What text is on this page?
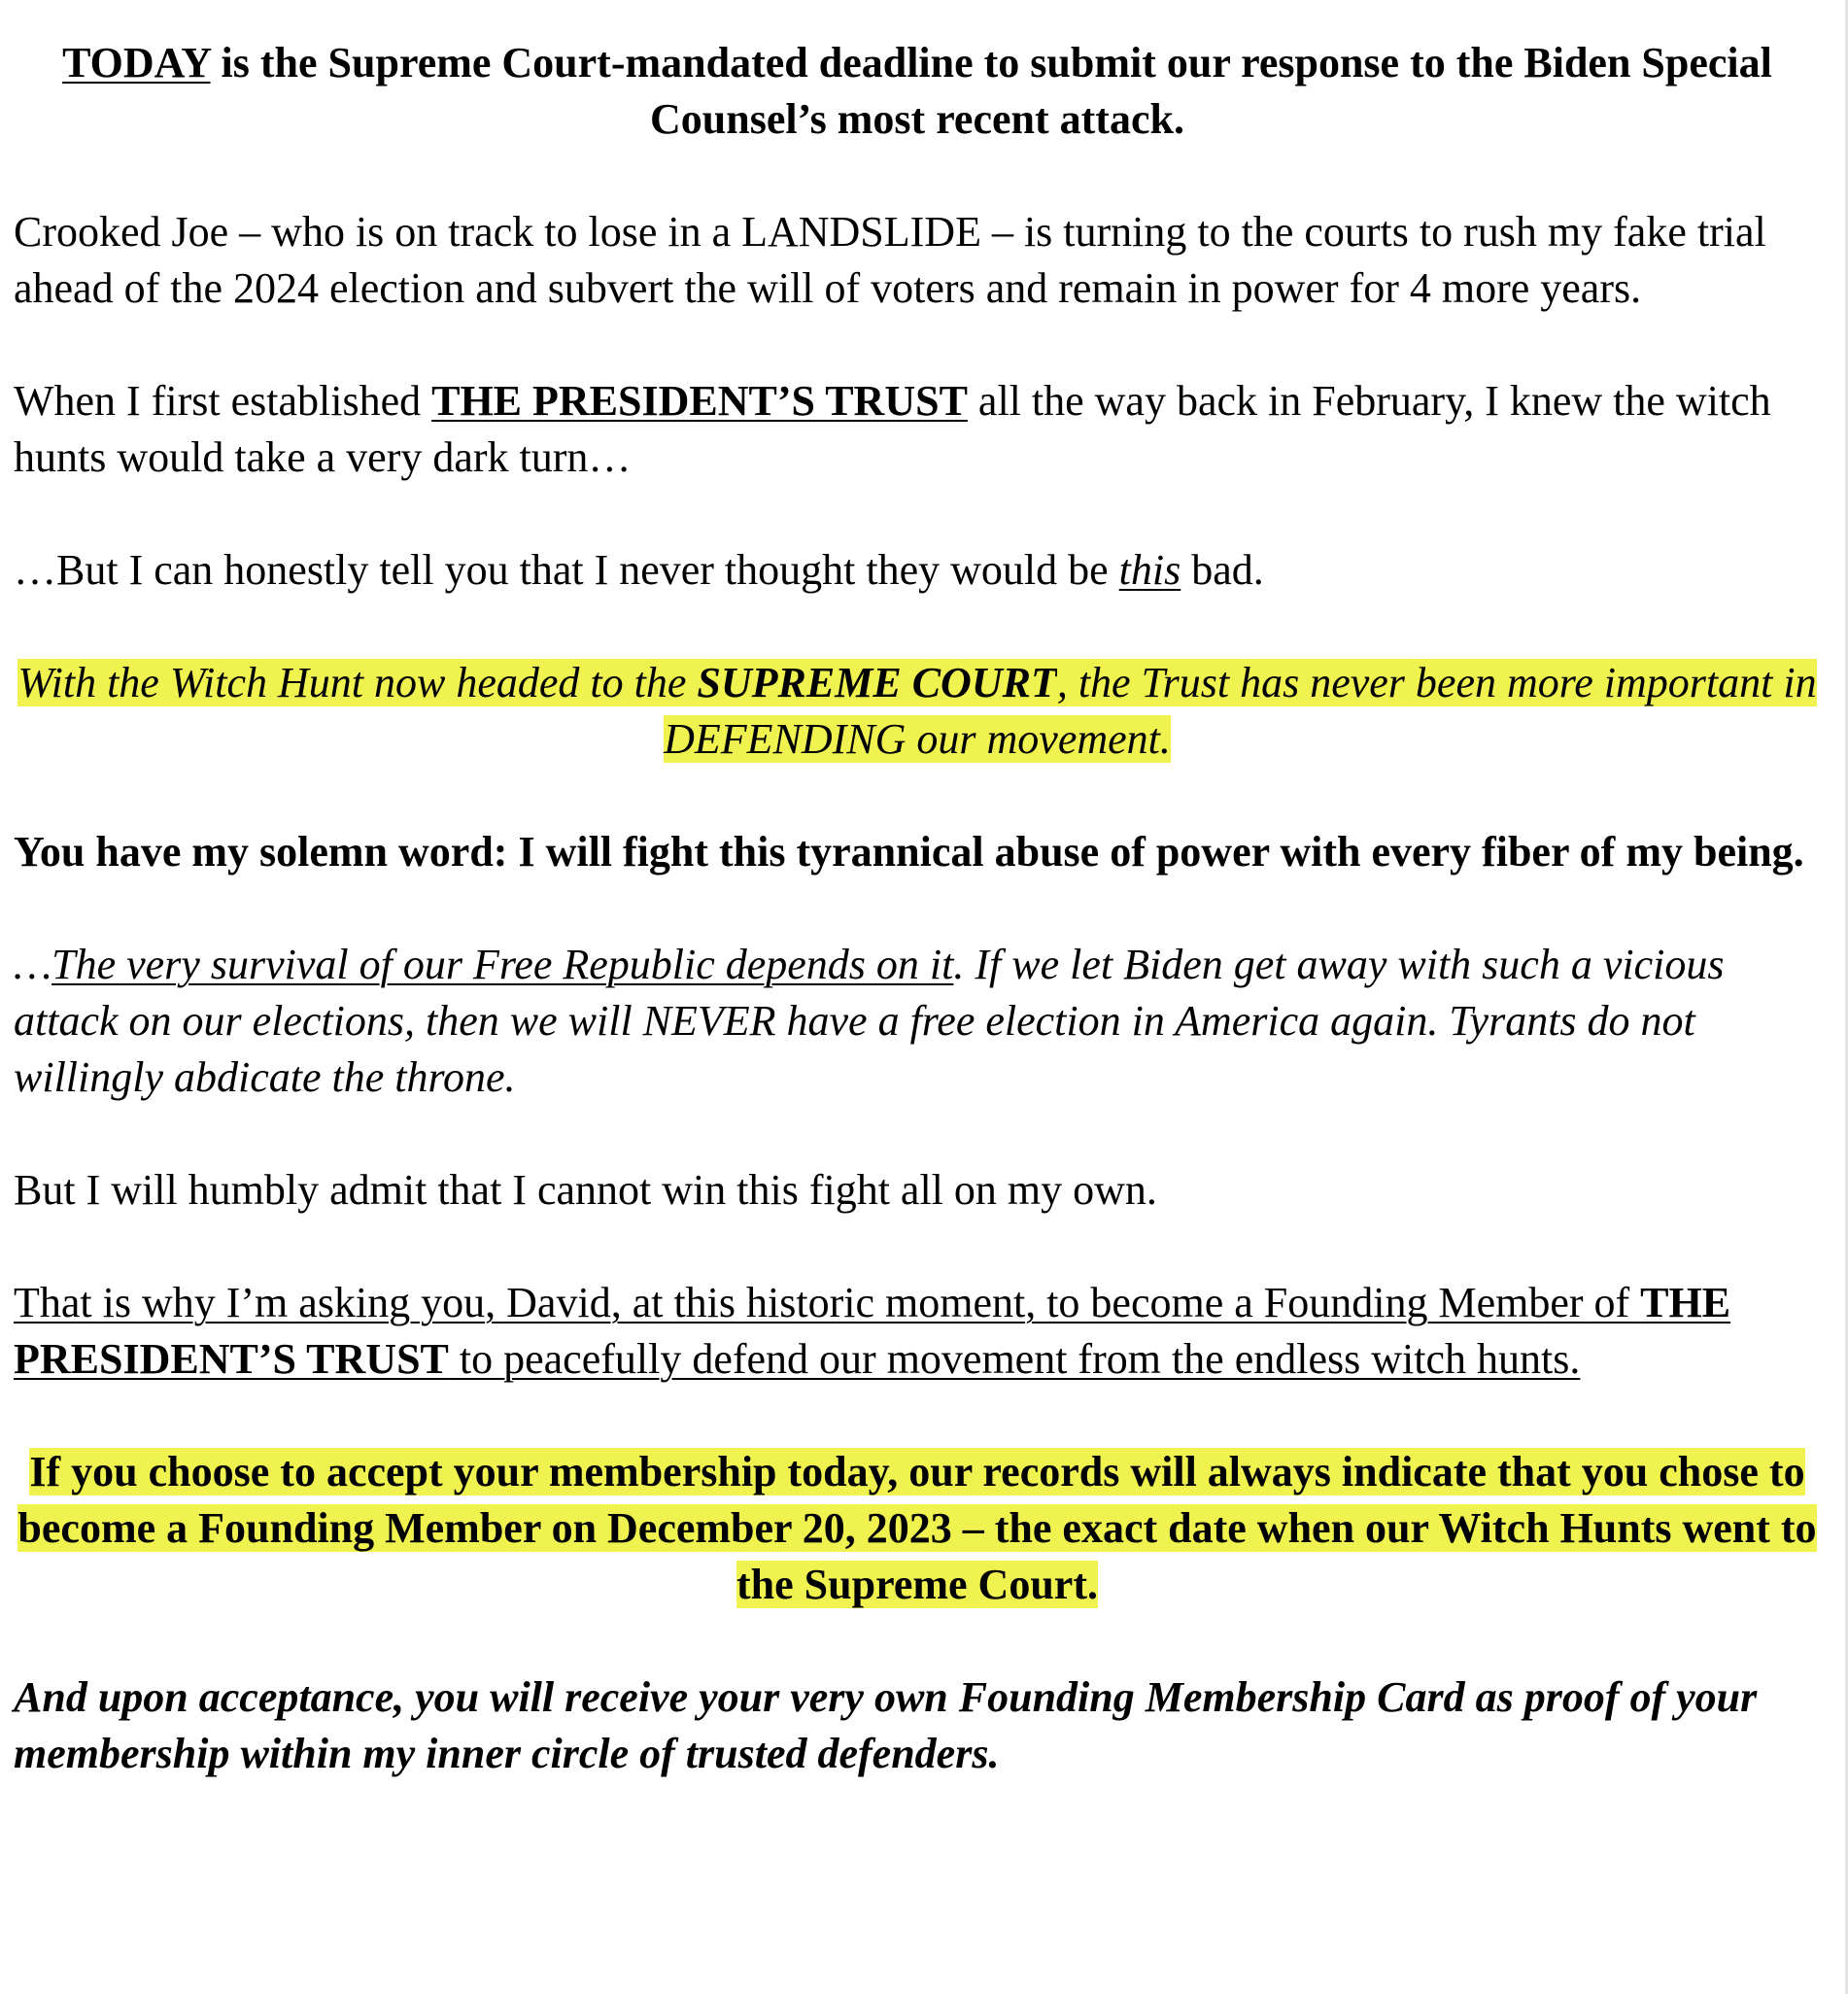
TODAY is the Supreme Court-mandated deadline to submit our response to the Biden Special Counsel’s most recent attack.

Crooked Joe – who is on track to lose in a LANDSLIDE – is turning to the courts to rush my fake trial ahead of the 2024 election and subvert the will of voters and remain in power for 4 more years.

When I first established THE PRESIDENT’S TRUST all the way back in February, I knew the witch hunts would take a very dark turn…

…But I can honestly tell you that I never thought they would be this bad.

With the Witch Hunt now headed to the SUPREME COURT, the Trust has never been more important in DEFENDING our movement.

You have my solemn word: I will fight this tyrannical abuse of power with every fiber of my being.

…The very survival of our Free Republic depends on it. If we let Biden get away with such a vicious attack on our elections, then we will NEVER have a free election in America again. Tyrants do not willingly abdicate the throne.

But I will humbly admit that I cannot win this fight all on my own.

That is why I’m asking you, David, at this historic moment, to become a Founding Member of THE PRESIDENT’S TRUST to peacefully defend our movement from the endless witch hunts.

If you choose to accept your membership today, our records will always indicate that you chose to become a Founding Member on December 20, 2023 – the exact date when our Witch Hunts went to the Supreme Court.

And upon acceptance, you will receive your very own Founding Membership Card as proof of your membership within my inner circle of trusted defenders.
